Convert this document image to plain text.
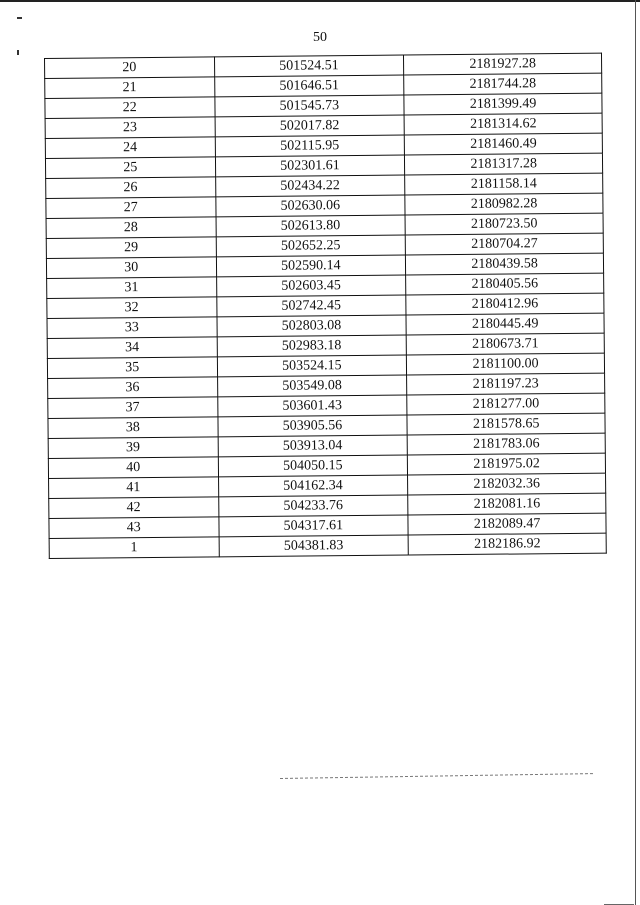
50
20	501524.51	2181927.28
21	501646.51	2181744.28
22	501545.73	2181399.49
23	502017.82	2181314.62
24	502115.95	2181460.49
25	502301.61	2181317.28
26	502434.22	2181158.14
27	502630.06	2180982.28
28	502613.80	2180723.50
29	502652.25	2180704.27
30	502590.14	2180439.58
31	502603.45	2180405.56
32	502742.45	2180412.96
33	502803.08	2180445.49
34	502983.18	2180673.71
35	503524.15	2181100.00
36	503549.08	2181197.23
37	503601.43	2181277.00
38	503905.56	2181578.65
39	503913.04	2181783.06
40	504050.15	2181975.02
41	504162.34	2182032.36
42	504233.76	2182081.16
43	504317.61	2182089.47
1	504381.83	2182186.92
